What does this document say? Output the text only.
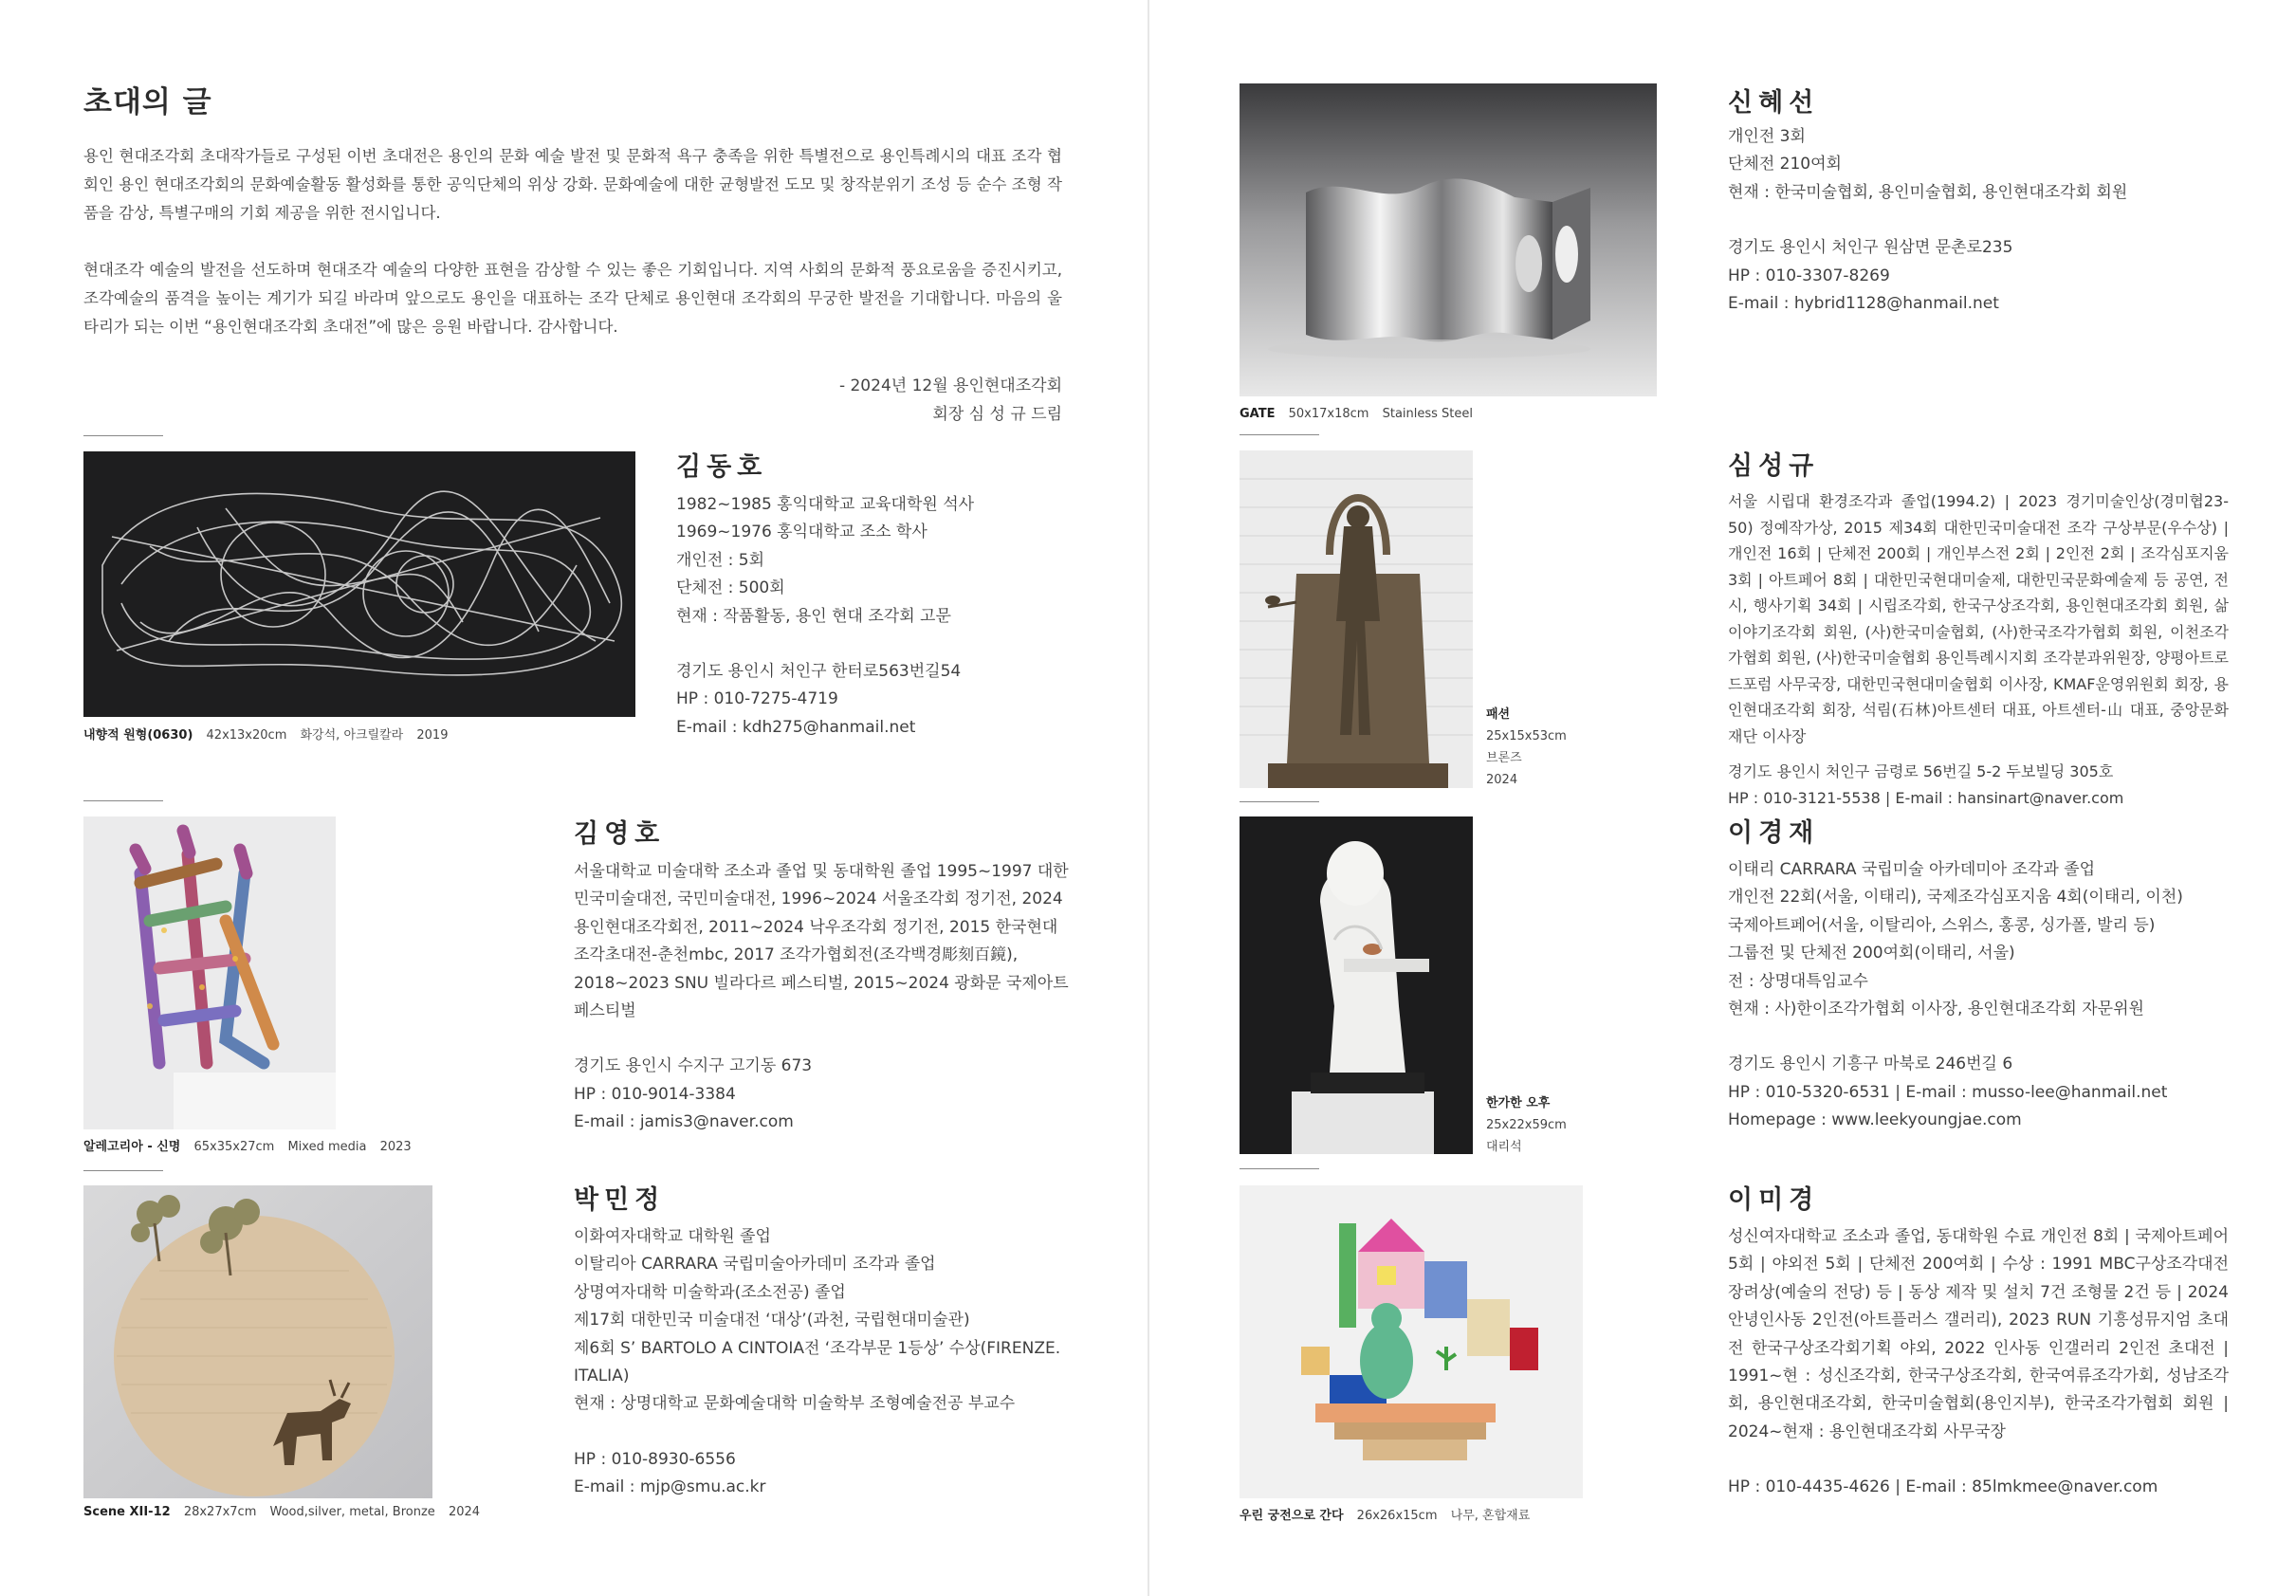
초대의 글

용인 현대조각회 초대작가들로 구성된 이번 초대전은 용인의 문화 예술 발전 및 문화적 욕구 충족을 위한 특별전으로 용인특례시의 대표 조각 협회인 용인 현대조각회의 문화예술활동 활성화를 통한 공익단체의 위상 강화. 문화예술에 대한 균형발전 도모 및 창작분위기 조성 등 순수 조형 작품을 감상, 특별구매의 기회 제공을 위한 전시입니다.

현대조각 예술의 발전을 선도하며 현대조각 예술의 다양한 표현을 감상할 수 있는 좋은 기회입니다. 지역 사회의 문화적 풍요로움을 증진시키고, 조각예술의 품격을 높이는 계기가 되길 바라며 앞으로도 용인을 대표하는 조각 단체로 용인현대 조각회의 무궁한 발전을 기대합니다. 마음의 울타리가 되는 이번 “용인현대조각회 초대전”에 많은 응원 바랍니다. 감사합니다.

- 2024년 12월 용인현대조각회
회장 심 성 규 드림
내향적 원형(0630) 42x13x20cm 화강석, 아크릴칼라 2019
김동호
1982~1985 홍익대학교 교육대학원 석사
1969~1976 홍익대학교 조소 학사
개인전 : 5회
단체전 : 500회
현재 : 작품활동, 용인 현대 조각회 고문
경기도 용인시 처인구 한터로563번길54
HP : 010-7275-4719
E-mail : kdh275@hanmail.net
알레고리아 - 신명 65x35x27cm Mixed media 2023
김영호
서울대학교 미술대학 조소과 졸업 및 동대학원 졸업 1995~1997 대한민국미술대전, 국민미술대전, 1996~2024 서울조각회 정기전, 2024 용인현대조각회전, 2011~2024 낙우조각회 정기전, 2015 한국현대조각초대전-춘천mbc, 2017 조각가협회전(조각백경彫刻百鏡), 2018~2023 SNU 빌라다르 페스티벌, 2015~2024 광화문 국제아트 페스티벌
경기도 용인시 수지구 고기동 673
HP : 010-9014-3384
E-mail : jamis3@naver.com
Scene XII-12 28x27x7cm Wood,silver, metal, Bronze 2024
박민정
이화여자대학교 대학원 졸업
이탈리아 CARRARA 국립미술아카데미 조각과 졸업
상명여자대학 미술학과(조소전공) 졸업
제17회 대한민국 미술대전 ‘대상’(과천, 국립현대미술관)
제6회 S’ BARTOLO A CINTOIA전 ‘조각부문 1등상’ 수상(FIRENZE.
ITALIA)
현재 : 상명대학교 문화예술대학 미술학부 조형예술전공 부교수
HP : 010-8930-6556
E-mail : mjp@smu.ac.kr
GATE 50x17x18cm Stainless Steel
신혜선
개인전 3회
단체전 210여회
현재 : 한국미술협회, 용인미술협회, 용인현대조각회 회원
경기도 용인시 처인구 원삼면 문촌로235
HP : 010-3307-8269
E-mail : hybrid1128@hanmail.net
패션
25x15x53cm
브론즈
2024
심성규
서울 시립대 환경조각과 졸업(1994.2) | 2023 경기미술인상(경미협23-50) 정예작가상, 2015 제34회 대한민국미술대전 조각 구상부문(우수상) | 개인전 16회 | 단체전 200회 | 개인부스전 2회 | 2인전 2회 | 조각심포지움 3회 | 아트페어 8회 | 대한민국현대미술제, 대한민국문화예술제 등 공연, 전시, 행사기획 34회 | 시립조각회, 한국구상조각회, 용인현대조각회 회원, 삶 이야기조각회 회원, (사)한국미술협회, (사)한국조각가협회 회원, 이천조각가협회 회원, (사)한국미술협회 용인특례시지회 조각분과위원장, 양평아트로드포럼 사무국장, 대한민국현대미술협회 이사장, KMAF운영위원회 회장, 용인현대조각회 회장, 석림(石林)아트센터 대표, 아트센터-山 대표, 중앙문화재단 이사장
경기도 용인시 처인구 금령로 56번길 5-2 두보빌딩 305호
HP : 010-3121-5538 | E-mail : hansinart@naver.com
한가한 오후
25x22x59cm
대리석
이경재
이태리 CARRARA 국립미술 아카데미아 조각과 졸업
개인전 22회(서울, 이태리), 국제조각심포지움 4회(이태리, 이천)
국제아트페어(서울, 이탈리아, 스위스, 홍콩, 싱가폴, 발리 등)
그룹전 및 단체전 200여회(이태리, 서울)
전 : 상명대특임교수
현재 : 사)한이조각가협회 이사장, 용인현대조각회 자문위원
경기도 용인시 기흥구 마북로 246번길 6
HP : 010-5320-6531 | E-mail : musso-lee@hanmail.net
Homepage : www.leekyoungjae.com
우린 궁전으로 간다 26x26x15cm 나무, 혼합재료
이미경
성신여자대학교 조소과 졸업, 동대학원 수료 개인전 8회 | 국제아트페어 5회 | 야외전 5회 | 단체전 200여회 | 수상 : 1991 MBC구상조각대전 장려상(예술의 전당) 등 | 동상 제작 및 설치 7건 조형물 2건 등 | 2024 안녕인사동 2인전(아트플러스 갤러리), 2023 RUN 기흥성뮤지엄 초대전 한국구상조각회기획 야외, 2022 인사동 인갤러리 2인전 초대전 | 1991~현 : 성신조각회, 한국구상조각회, 한국여류조각가회, 성남조각회, 용인현대조각회, 한국미술협회(용인지부), 한국조각가협회 회원 | 2024~현재 : 용인현대조각회 사무국장
HP : 010-4435-4626 | E-mail : 85lmkmee@naver.com
